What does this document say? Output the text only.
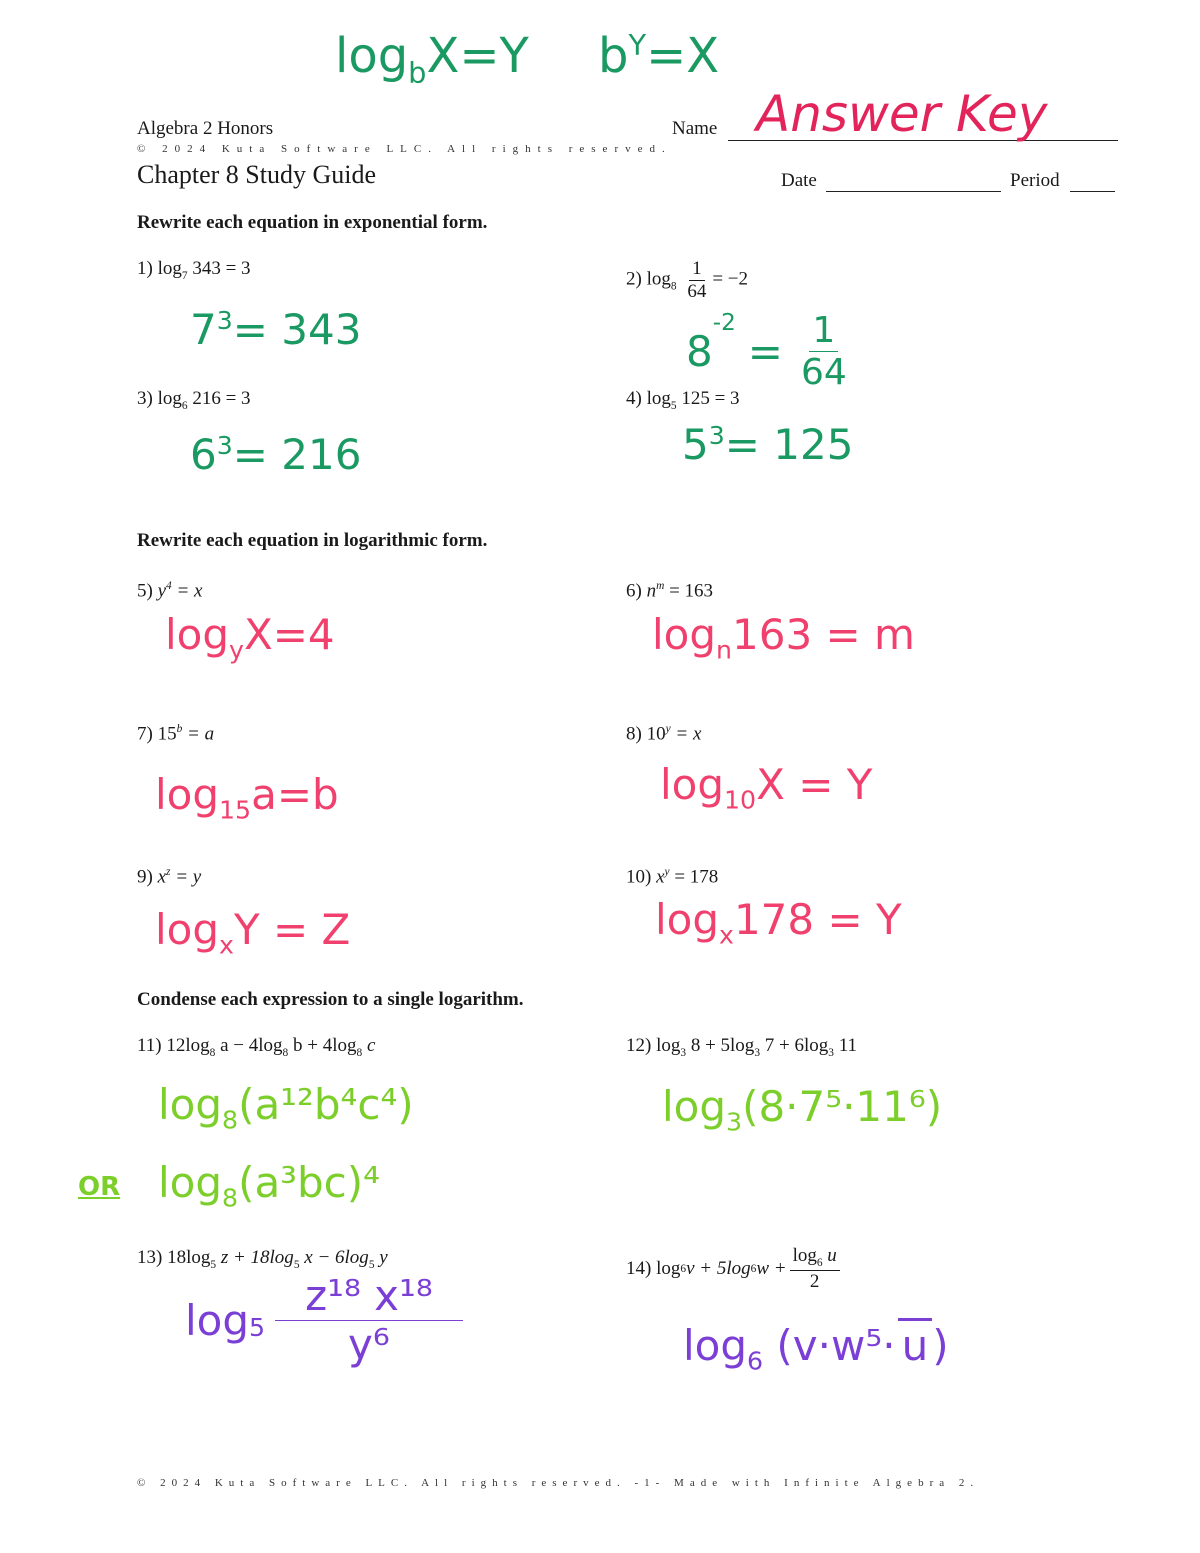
$\log_bX=Y$ $b^Y=X$
Algebra 2 Honors
© 2024 Kuta Software LLC. All rights reserved.
Chapter 8 Study Guide
Name Answer Key
Date	Period
Rewrite each equation in exponential form.
1) $\log_7 343 = 3$
$7^3= 343$
2) $\log_8 \frac{1}{64} = -2$
8
$^{-2}$
= $\frac{1}{64}$
3) $\log_6 216 = 3$
$6^3= 216$
4) $\log_5 125 = 3$
$5^3= 125$
Rewrite each equation in logarithmic form.
5) $y^4 = x$
$\log_yX=4$
6) $n^m = 163$
$\log_n163 = m$
7) $15^b = a$
$\log_{15}a=b$
8) $10^y = x$
$\log_{10}X = Y$
9) $x^z = y$
$\log_xY = Z$
10) $x^y = 178$
$\log_x178 = Y$
Condense each expression to a single logarithm.
11) $12\log_8$ $a - 4\log_8$ $b + 4\log_8$ c
$\log_8(a^{12}b^4c^4)$
OR $\log_8(a^3bc)^4$
12) $\log_3 8 + 5\log_3$ $7 + 6\log_3$ 11
$\log_3(8\cdot 7^5\cdot 11^6)$
13) $18\log_5$ $z + 18\log_5$ $x - 6\log_5$ y
$\log 5 \frac{\text{z¹⁸ x¹⁸}}{\text{y⁶}}$
14)
log 6 v + 5log 6 $w + \frac{\log_6 u}{2}$
$\log_6 (v\cdot w^5\cdot u)$
© 2024 Kuta Software LLC. All rights reserved. -1- Made with Infinite Algebra 2.
